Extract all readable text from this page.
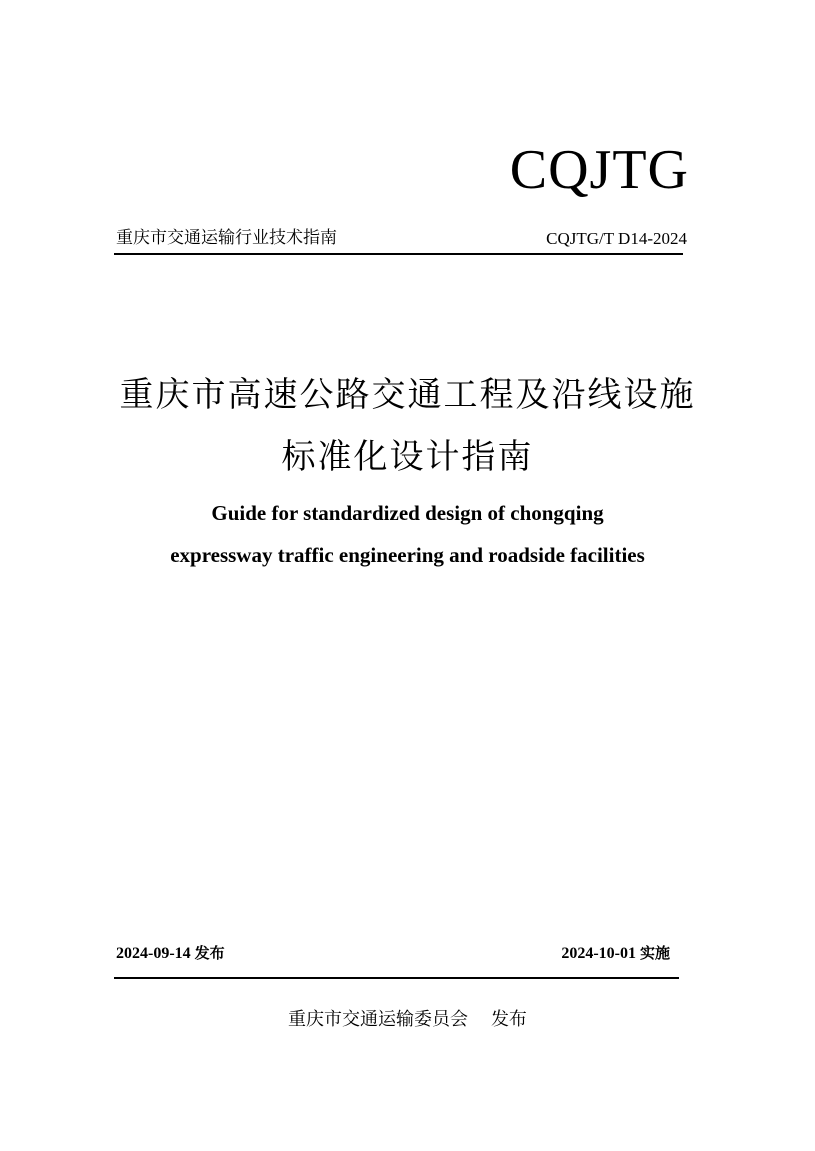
CQJTG
重庆市交通运输行业技术指南	CQJTG/T D14-2024
重庆市高速公路交通工程及沿线设施
标准化设计指南
Guide for standardized design of chongqing
expressway traffic engineering and roadside facilities
2024-09-14 发布	2024-10-01 实施
重庆市交通运输委员会 发布
